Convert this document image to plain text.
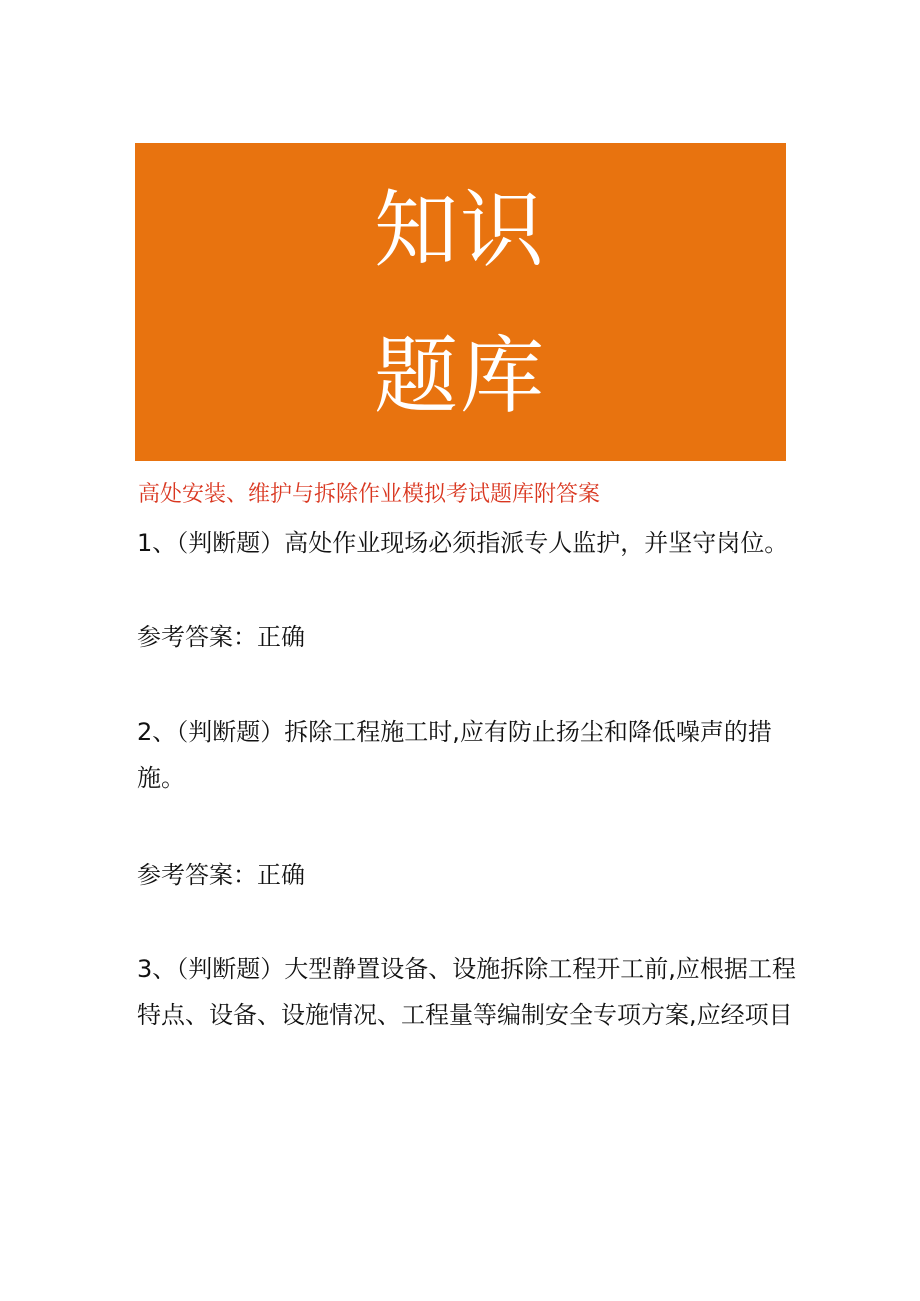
知识
题库
高处安装、维护与拆除作业模拟考试题库附答案
1、（判断题）高处作业现场必须指派专人监护，并坚守岗位。
参考答案：正确
2、（判断题）拆除工程施工时,应有防止扬尘和降低噪声的措施。
参考答案：正确
3、（判断题）大型静置设备、设施拆除工程开工前,应根据工程特点、设备、设施情况、工程量等编制安全专项方案,应经项目
